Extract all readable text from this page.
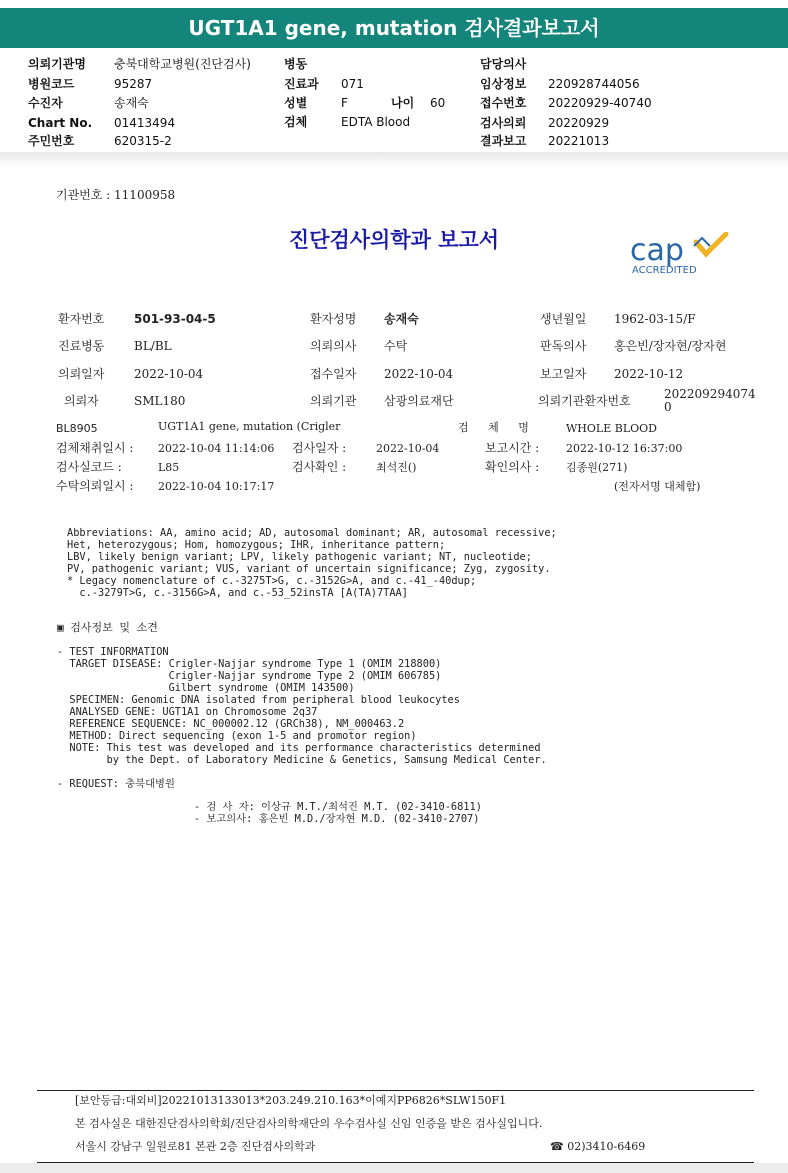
UGT1A1 gene, mutation 검사결과보고서
의뢰기관명 충북대학교병원(진단검사)	병동	담당의사
병원코드	95287	진료과 071	임상정보 220928744056
수진자	송재숙	성별	F	나이 60	접수번호 20220929-40740
Chart No. 01413494	검체	EDTA Blood	검사의뢰 20220929
주민번호	620315-2	결과보고 20221013
기관번호 : 11100958
진단검사의학과 보고서	cap
ACCREDITED
환자번호 501-93-04-5	환자성명 송재숙	생년월일 1962-03-15/F
진료병동 BL/BL	의뢰의사 수탁	판독의사 홍은빈/장자현/장자현
의뢰일자 2022-10-04	접수일자 2022-10-04	보고일자 2022-10-12
의뢰자	SML180	의뢰기관 삼광의료재단	의뢰기관환자번호	202209294074
0
BL8905	UGT1A1 gene, mutation (Crigler	검 체 명	WHOLE BLOOD
검체채취일시 : 2022-10-04 11:14:06 검사일자 :	2022-10-04	보고시간 : 2022-10-12 16:37:00
검사실코드 :	L85	검사확인 :	최석진()	확인의사 : 김종원(271)
수탁의뢰일시 : 2022-10-04 10:17:17	(전자서명 대체함)
Abbreviations: AA, amino acid; AD, autosomal dominant; AR, autosomal recessive;
Het, heterozygous; Hom, homozygous; IHR, inheritance pattern;
LBV, likely benign variant; LPV, likely pathogenic variant; NT, nucleotide;
PV, pathogenic variant; VUS, variant of uncertain significance; Zyg, zygosity.
* Legacy nomenclature of c.-3275T>G, c.-3152G>A, and c.-41_-40dup;
c.-3279T>G, c.-3156G>A, and c.-53_52insTA [A(TA)7TAA]
▣ 검사정보 및 소견
- TEST INFORMATION
TARGET DISEASE: Crigler-Najjar syndrome Type 1 (OMIM 218800)
Crigler-Najjar syndrome Type 2 (OMIM 606785)
Gilbert syndrome (OMIM 143500)
SPECIMEN: Genomic DNA isolated from peripheral blood leukocytes
ANALYSED GENE: UGT1A1 on Chromosome 2q37
REFERENCE SEQUENCE: NC_000002.12 (GRCh38), NM_000463.2
METHOD: Direct sequencing (exon 1-5 and promotor region)
NOTE: This test was developed and its performance characteristics determined
by the Dept. of Laboratory Medicine & Genetics, Samsung Medical Center.
- REQUEST: 충북대병원
- 검 사 자: 이상규 M.T./최석진 M.T. (02-3410-6811)
- 보고의사: 홍은빈 M.D./장자현 M.D. (02-3410-2707)
[보안등급:대외비]20221013133013*203.249.210.163*이예지PP6826*SLW150F1
본 검사실은 대한진단검사의학회/진단검사의학재단의 우수검사실 신임 인증을 받은 검사실입니다.
서울시 강남구 일원로81 본관 2층 진단검사의학과	☎ 02)3410-6469
